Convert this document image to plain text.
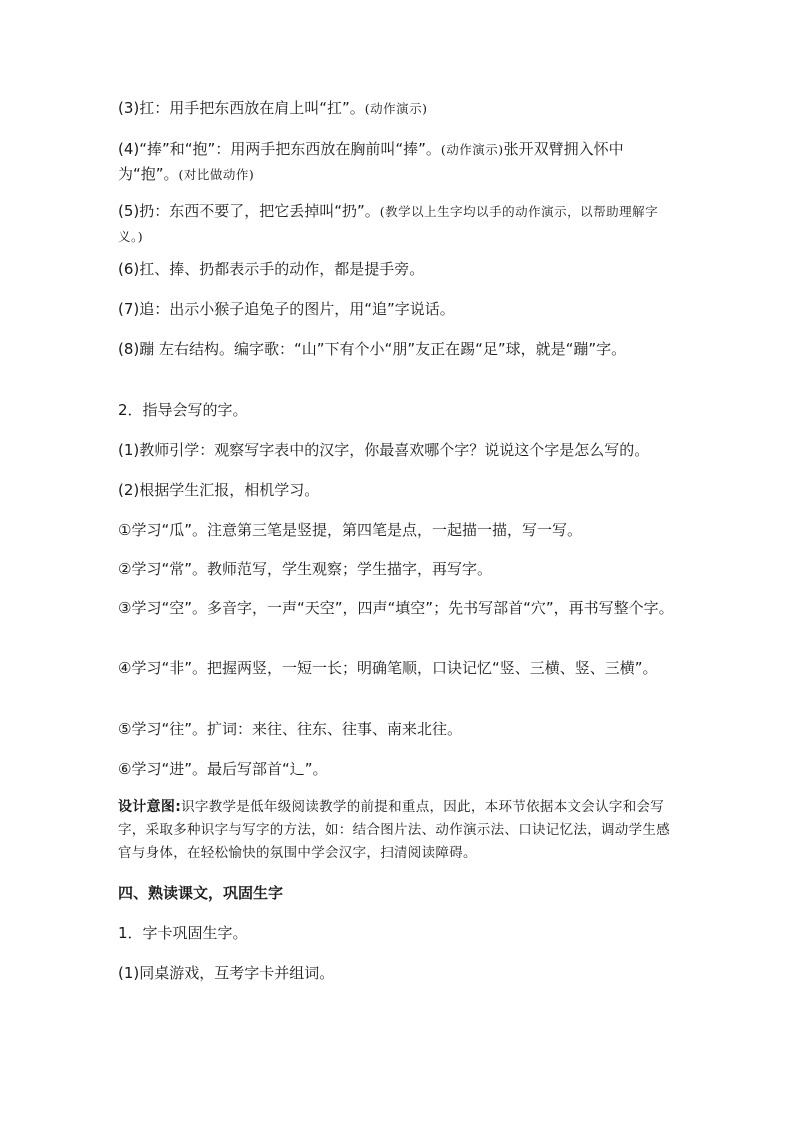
(3)扛：用手把东西放在肩上叫“扛”。(动作演示)

(4)“捧”和“抱”：用两手把东西放在胸前叫“捧”。(动作演示)张开双臂拥入怀中为“抱”。(对比做动作)

(5)扔：东西不要了，把它丢掉叫“扔”。(教学以上生字均以手的动作演示，以帮助理解字义。)

(6)扛、捧、扔都表示手的动作，都是提手旁。

(7)追：出示小猴子追兔子的图片，用“追”字说话。

(8)蹦 左右结构。编字歌：“山”下有个小“朋”友正在踢“足”球，就是“蹦”字。

2．指导会写的字。

(1)教师引学：观察写字表中的汉字，你最喜欢哪个字？说说这个字是怎么写的。

(2)根据学生汇报，相机学习。

①学习“瓜”。注意第三笔是竖提，第四笔是点，一起描一描，写一写。

②学习“常”。教师范写，学生观察；学生描字，再写字。

③学习“空”。多音字，一声“天空”，四声“填空”；先书写部首“穴”，再书写整个字。

④学习“非”。把握两竖，一短一长；明确笔顺，口诀记忆“竖、三横、竖、三横”。

⑤学习“往”。扩词：来往、往东、往事、南来北往。

⑥学习“进”。最后写部首“辶”。

设计意图:识字教学是低年级阅读教学的前提和重点，因此，本环节依据本文会认字和会写字，采取多种识字与写字的方法，如：结合图片法、动作演示法、口诀记忆法，调动学生感官与身体，在轻松愉快的氛围中学会汉字，扫清阅读障碍。

四、熟读课文，巩固生字

1．字卡巩固生字。

(1)同桌游戏，互考字卡并组词。
